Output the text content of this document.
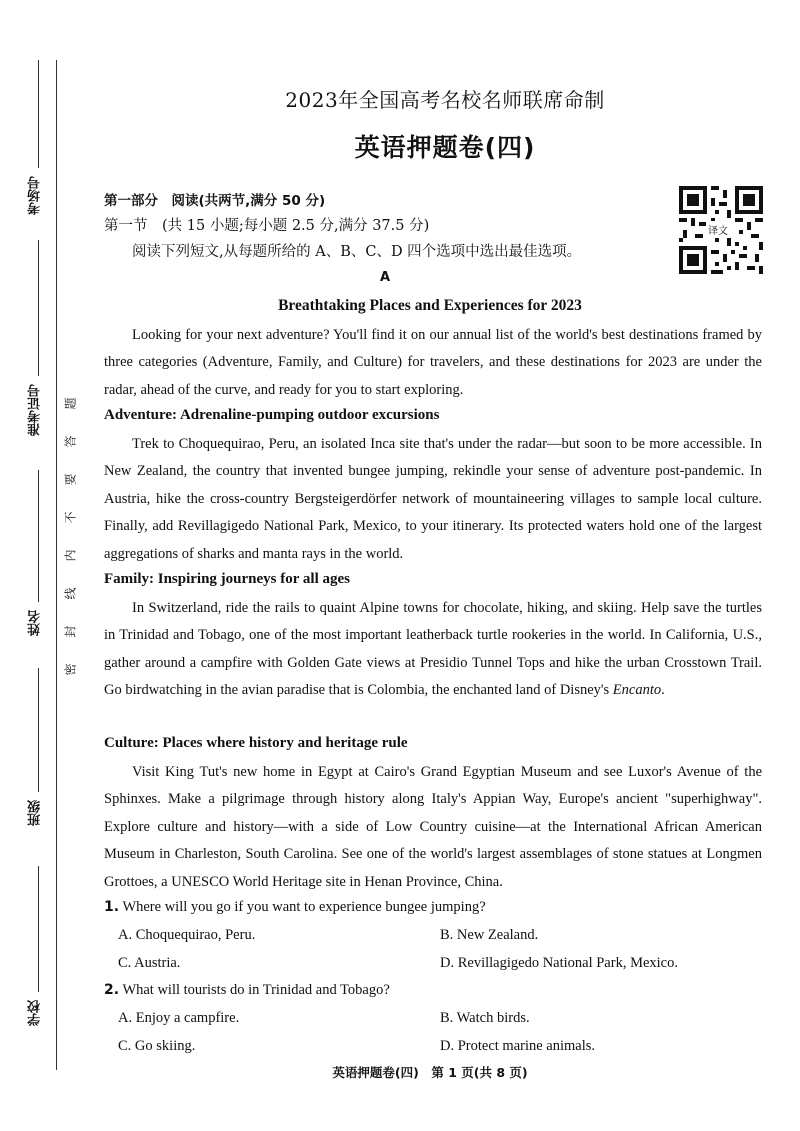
考场号
准考证号
姓名
班级
学校
题
答
要
不
内
线
封
密
2023年全国高考名校名师联席命制
英语押题卷(四)
译文
第一部分　阅读(共两节,满分 50 分)
第一节　(共 15 小题;每小题 2.5 分,满分 37.5 分)
阅读下列短文,从每题所给的 A、B、C、D 四个选项中选出最佳选项。
A
Breathtaking Places and Experiences for 2023

Looking for your next adventure? You'll find it on our annual list of the world's best destinations framed by three categories (Adventure, Family, and Culture) for travelers, and these destinations for 2023 are under the radar, ahead of the curve, and ready for you to start exploring.

Adventure: Adrenaline-pumping outdoor excursions

Trek to Choquequirao, Peru, an isolated Inca site that's under the radar—but soon to be more accessible. In New Zealand, the country that invented bungee jumping, rekindle your sense of adventure post-pandemic. In Austria, hike the cross-country Bergsteigerdörfer network of mountaineering villages to sample local culture. Finally, add Revillagigedo National Park, Mexico, to your itinerary. Its protected waters hold one of the largest aggregations of sharks and manta rays in the world.

Family: Inspiring journeys for all ages

In Switzerland, ride the rails to quaint Alpine towns for chocolate, hiking, and skiing. Help save the turtles in Trinidad and Tobago, one of the most important leatherback turtle rookeries in the world. In California, U.S., gather around a campfire with Golden Gate views at Presidio Tunnel Tops and hike the urban Crosstown Trail. Go birdwatching in the avian paradise that is Colombia, the enchanted land of Disney's Encanto.

Culture: Places where history and heritage rule

Visit King Tut's new home in Egypt at Cairo's Grand Egyptian Museum and see Luxor's Avenue of the Sphinxes. Make a pilgrimage through history along Italy's Appian Way, Europe's ancient "superhighway". Explore culture and history—with a side of Low Country cuisine—at the International African American Museum in Charleston, South Carolina. See one of the world's largest assemblages of stone statues at Longmen Grottoes, a UNESCO World Heritage site in Henan Province, China.

1. Where will you go if you want to experience bungee jumping?
A. Choquequirao, Peru.	B. New Zealand.
C. Austria.	D. Revillagigedo National Park, Mexico.
2. What will tourists do in Trinidad and Tobago?
A. Enjoy a campfire.	B. Watch birds.
C. Go skiing.	D. Protect marine animals.
英语押题卷(四)　第 1 页(共 8 页)
